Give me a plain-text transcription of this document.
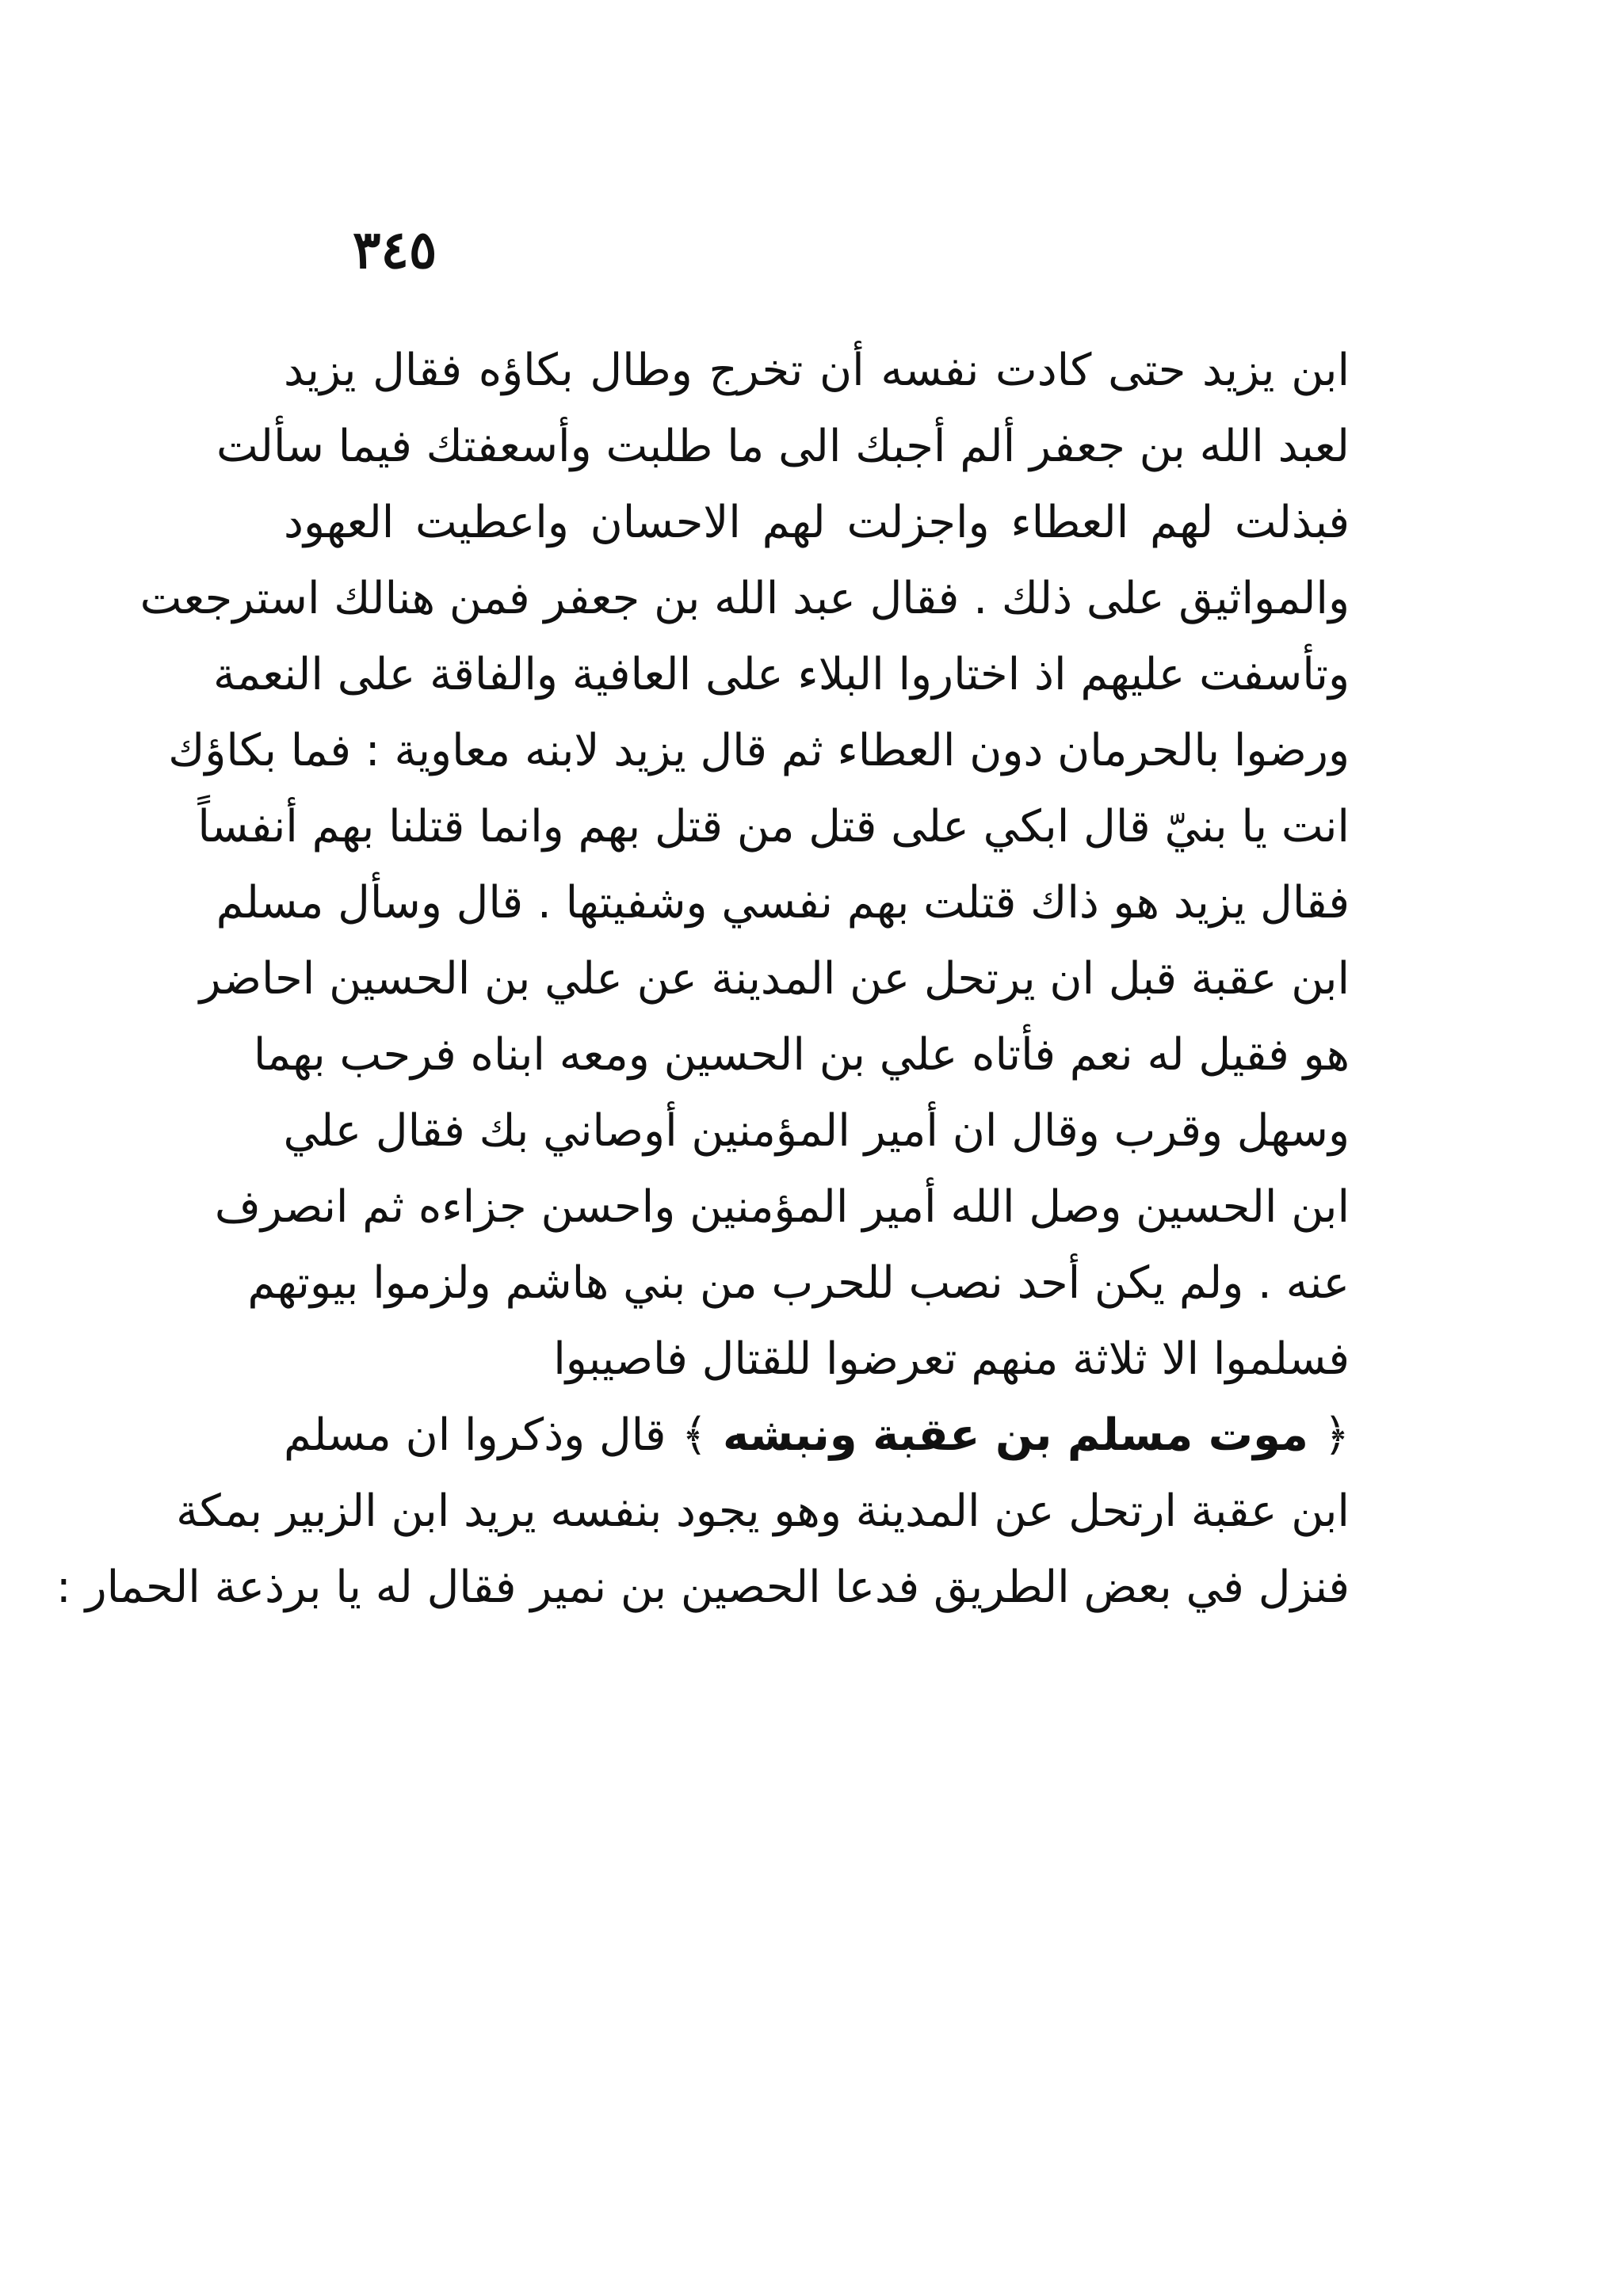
٣٤٥
ابن يزيد حتى كادت نفسه أن تخرج وطال بكاؤه فقال يزيد
لعبد الله بن جعفر ألم أجبك الى ما طلبت وأسعفتك فيما سألت
فبذلت لهم العطاء واجزلت لهم الاحسان واعطيت العهود
والمواثيق على ذلك . فقال عبد الله بن جعفر فمن هنالك استرجعت
وتأسفت عليهم اذ اختاروا البلاء على العافية والفاقة على النعمة
ورضوا بالحرمان دون العطاء ثم قال يزيد لابنه معاوية : فما بكاؤك
انت يا بنيّ قال ابكي على قتل من قتل بهم وانما قتلنا بهم أنفساً
فقال يزيد هو ذاك قتلت بهم نفسي وشفيتها . قال وسأل مسلم
ابن عقبة قبل ان يرتحل عن المدينة عن علي بن الحسين احاضر
هو فقيل له نعم فأتاه علي بن الحسين ومعه ابناه فرحب بهما
وسهل وقرب وقال ان أمير المؤمنين أوصاني بك فقال علي
ابن الحسين وصل الله أمير المؤمنين واحسن جزاءه ثم انصرف
عنه . ولم يكن أحد نصب للحرب من بني هاشم ولزموا بيوتهم
فسلموا الا ثلاثة منهم تعرضوا للقتال فاصيبوا
﴿
موت مسلم بن عقبة ونبشه
﴾
قال وذكروا ان مسلم
ابن عقبة ارتحل عن المدينة وهو يجود بنفسه يريد ابن الزبير بمكة
فنزل في بعض الطريق فدعا الحصين بن نمير فقال له يا برذعة الحمار :
